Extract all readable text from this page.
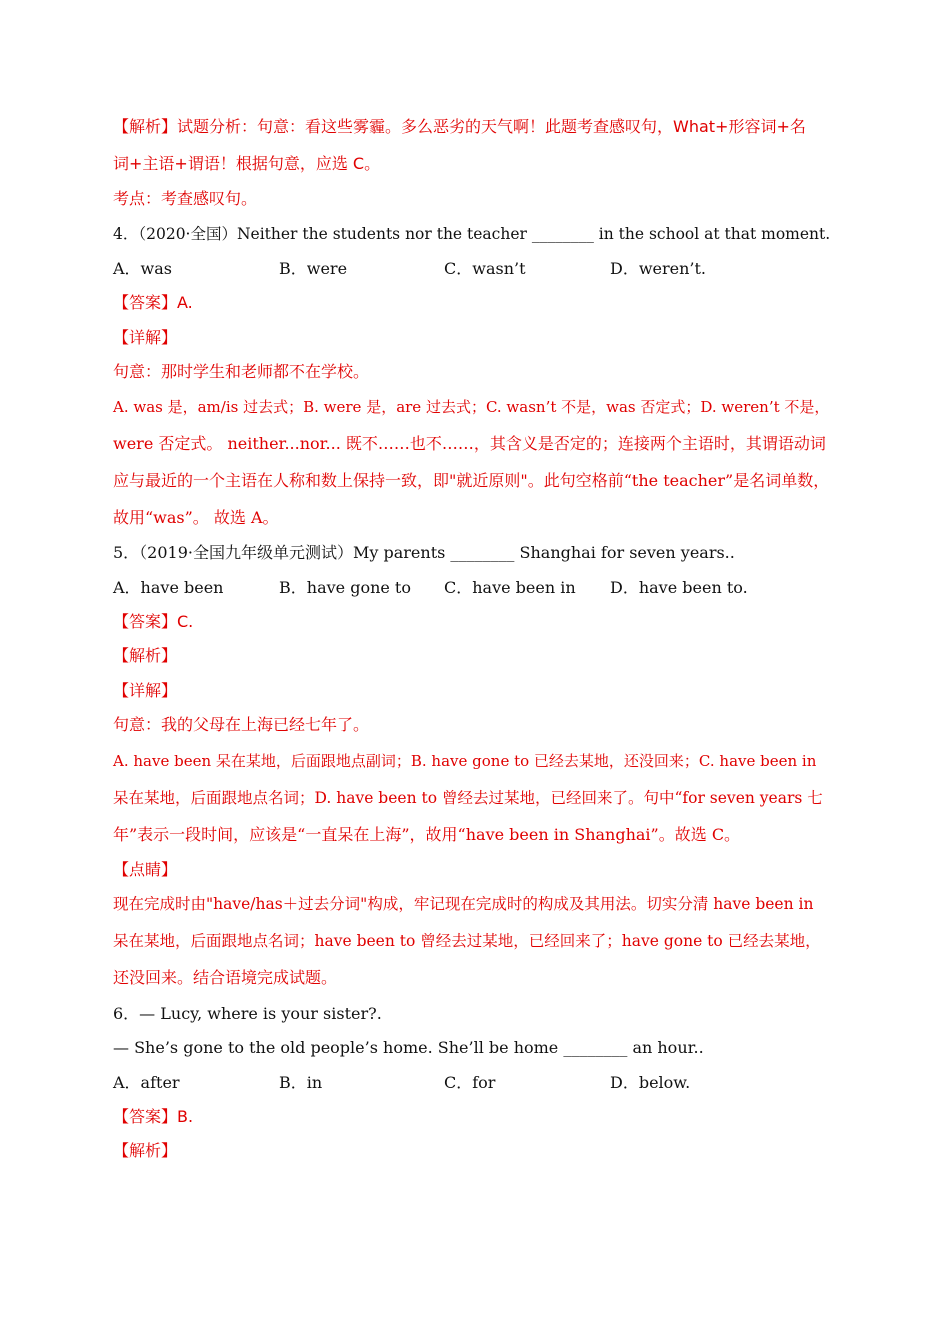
【解析】试题分析：句意：看这些雾霾。多么恶劣的天气啊！此题考查感叹句，What+形容词+名
词+主语+谓语！根据句意，应选 C。
考点：考查感叹句。
4．（2020·全国）Neither the students nor the teacher ________ in the school at that moment.
A．was	B．were	C．wasn’t	D．weren’t.
【答案】A.
【详解】
句意：那时学生和老师都不在学校。
A. was 是，am/is 过去式；B. were 是，are 过去式；C. wasn’t 不是，was 否定式；D. weren’t 不是，
were 否定式。 neither...nor... 既不……也不……，其含义是否定的；连接两个主语时，其谓语动词
应与最近的一个主语在人称和数上保持一致，即"就近原则"。此句空格前“the teacher”是名词单数，
故用“was”。 故选 A。
5．（2019·全国九年级单元测试）My parents ________ Shanghai for seven years..
A．have been	B．have gone to C．have been in D．have been to.
【答案】C.
【解析】
【详解】
句意：我的父母在上海已经七年了。
A. have been 呆在某地，后面跟地点副词；B. have gone to 已经去某地，还没回来；C. have been in
呆在某地，后面跟地点名词；D. have been to 曾经去过某地，已经回来了。句中“for seven years 七
年”表示一段时间，应该是“一直呆在上海”，故用“have been in Shanghai”。故选 C。
【点睛】
现在完成时由"have/has＋过去分词"构成，牢记现在完成时的构成及其用法。切实分清 have been in
呆在某地，后面跟地点名词；have been to 曾经去过某地，已经回来了；have gone to 已经去某地，
还没回来。结合语境完成试题。
6．— Lucy, where is your sister?.
— She’s gone to the old people’s home. She’ll be home ________ an hour..
A．after	B．in	C．for	D．below.
【答案】B.
【解析】
